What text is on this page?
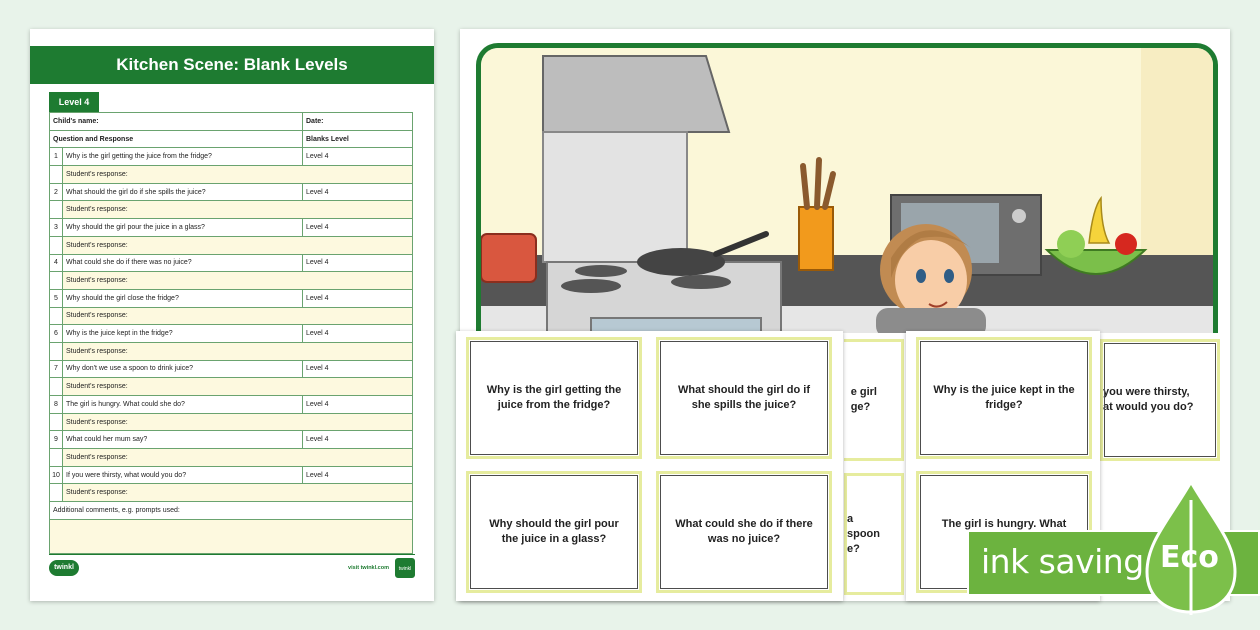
Kitchen Scene: Blank Levels
Level 4
Child's name:		Date:
Question and Response		Blanks Level
1	Why is the girl getting the juice from the fridge?	Level 4
	Student's response:	
2	What should the girl do if she spills the juice?	Level 4
	Student's response:	
3	Why should the girl pour the juice in a glass?	Level 4
	Student's response:	
4	What could she do if there was no juice?	Level 4
	Student's response:	
5	Why should the girl close the fridge?	Level 4
	Student's response:	
6	Why is the juice kept in the fridge?	Level 4
	Student's response:	
7	Why don't we use a spoon to drink juice?	Level 4
	Student's response:	
8	The girl is hungry. What could she do?	Level 4
	Student's response:	
9	What could her mum say?	Level 4
	Student's response:	
10	If you were thirsty, what would you do?	Level 4
	Student's response:	
Additional comments, e.g. prompts used:		

twinkl	visit twinkl.com	twinkl
e girl
ge?
you were thirsty,
at would you do?
a spoon
e?
Why is the girl getting the juice from the fridge?
What should the girl do if she spills the juice?
Why should the girl pour the juice in a glass?
What could she do if there was no juice?
Why is the juice kept in the fridge?
The girl is hungry. What
ink saving Eco
